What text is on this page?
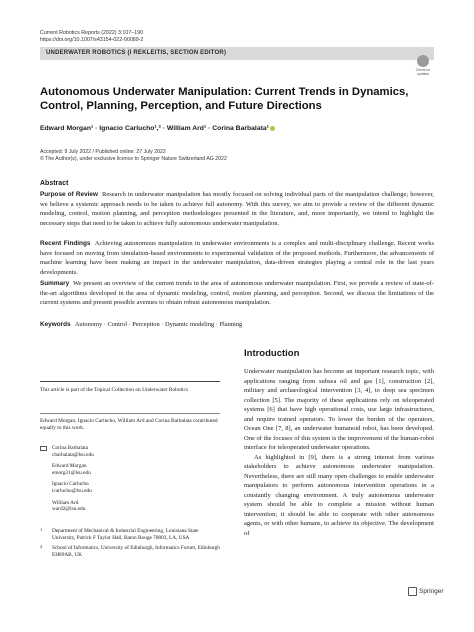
Current Robotics Reports (2022) 3:107–190
https://doi.org/10.1007/s43154-022-00089-2
UNDERWATER ROBOTICS (I REKLEITIS, SECTION EDITOR)
Check for
updates
Autonomous Underwater Manipulation: Current Trends in Dynamics, Control, Planning, Perception, and Future Directions
Edward Morgan¹ · Ignacio Carlucho¹,² · William Ard¹ · Corina Barbalata¹
Accepted: 9 July 2022 / Published online: 27 July 2022
© The Author(s), under exclusive licence to Springer Nature Switzerland AG 2022
Abstract
Purpose of Review Research in underwater manipulation has mostly focused on solving individual parts of the manipulation challenge; however, we believe a systemic approach needs to be taken to achieve full autonomy. With this survey, we aim to provide a review of the different dynamic modeling, control, motion planning, and perception methodologies presented in the literature, and, more importantly, we intend to highlight the necessary steps that need to be taken to achieve fully autonomous underwater manipulation.
Recent Findings Achieving autonomous manipulation in underwater environments is a complex and multi-disciplinary challenge. Recent works have focused on moving from simulation-based environments to experimental validation of the proposed methods. Furthermore, the advancements of machine learning have been making an impact in the underwater manipulation, data-driven strategies playing a central role in the last years developments.
Summary We present an overview of the current trends in the area of autonomous underwater manipulation. First, we provide a review of state-of-the-art algorithms developed in the area of dynamic modeling, control, motion planning, and perception. Second, we discuss the limitations of the current systems and present possible avenues to obtain robust autonomous manipulation.
Keywords Autonomy · Control · Perception · Dynamic modeling · Planning
Introduction

Underwater manipulation has become an important research topic, with applications ranging from subsea oil and gas [1], construction [2], military and archaeological intervention [3, 4], to deep sea specimen collection [5]. The majority of these applications rely on teleoperated systems [6] that have high operational costs, use large infrastructures, and require trained operators. To lower the burden of the operators, Ocean One [7, 8], an underwater humanoid robot, has been developed. One of the focuses of this system is the improvement of the human-robot interface for teleoperated underwater operations.

As highlighted in [9], there is a strong interest from various stakeholders to achieve autonomous underwater manipulation. Nevertheless, there are still many open challenges to enable underwater manipulators to perform autonomous intervention operations in a constantly changing environment. A truly autonomous underwater system should be able to complete a mission without human intervention; it should be able to cooperate with other autonomous agents, or with other humans, to achieve its objective. The development of

This article is part of the Topical Collection on Underwater Robotics
Edward Morgan, Ignacio Carlucho, William Ard and Corina Barbalata contributed equally to this work.
Corina Barbalata
cbarbalata@lsu.edu
Edward Morgan
emorg31@lsu.edu
Ignacio Carlucho
icarlucho@lsu.edu
William Ard
ward2@lsu.edu
1 Department of Mechanical & Industrial Engineering, Louisiana State University, Patrick F Taylor Hall, Baton Rouge 70803, LA, USA
2 School of Informatics, University of Edinburgh, Informatics Forum, Edinburgh EH89AB, UK
Springer
